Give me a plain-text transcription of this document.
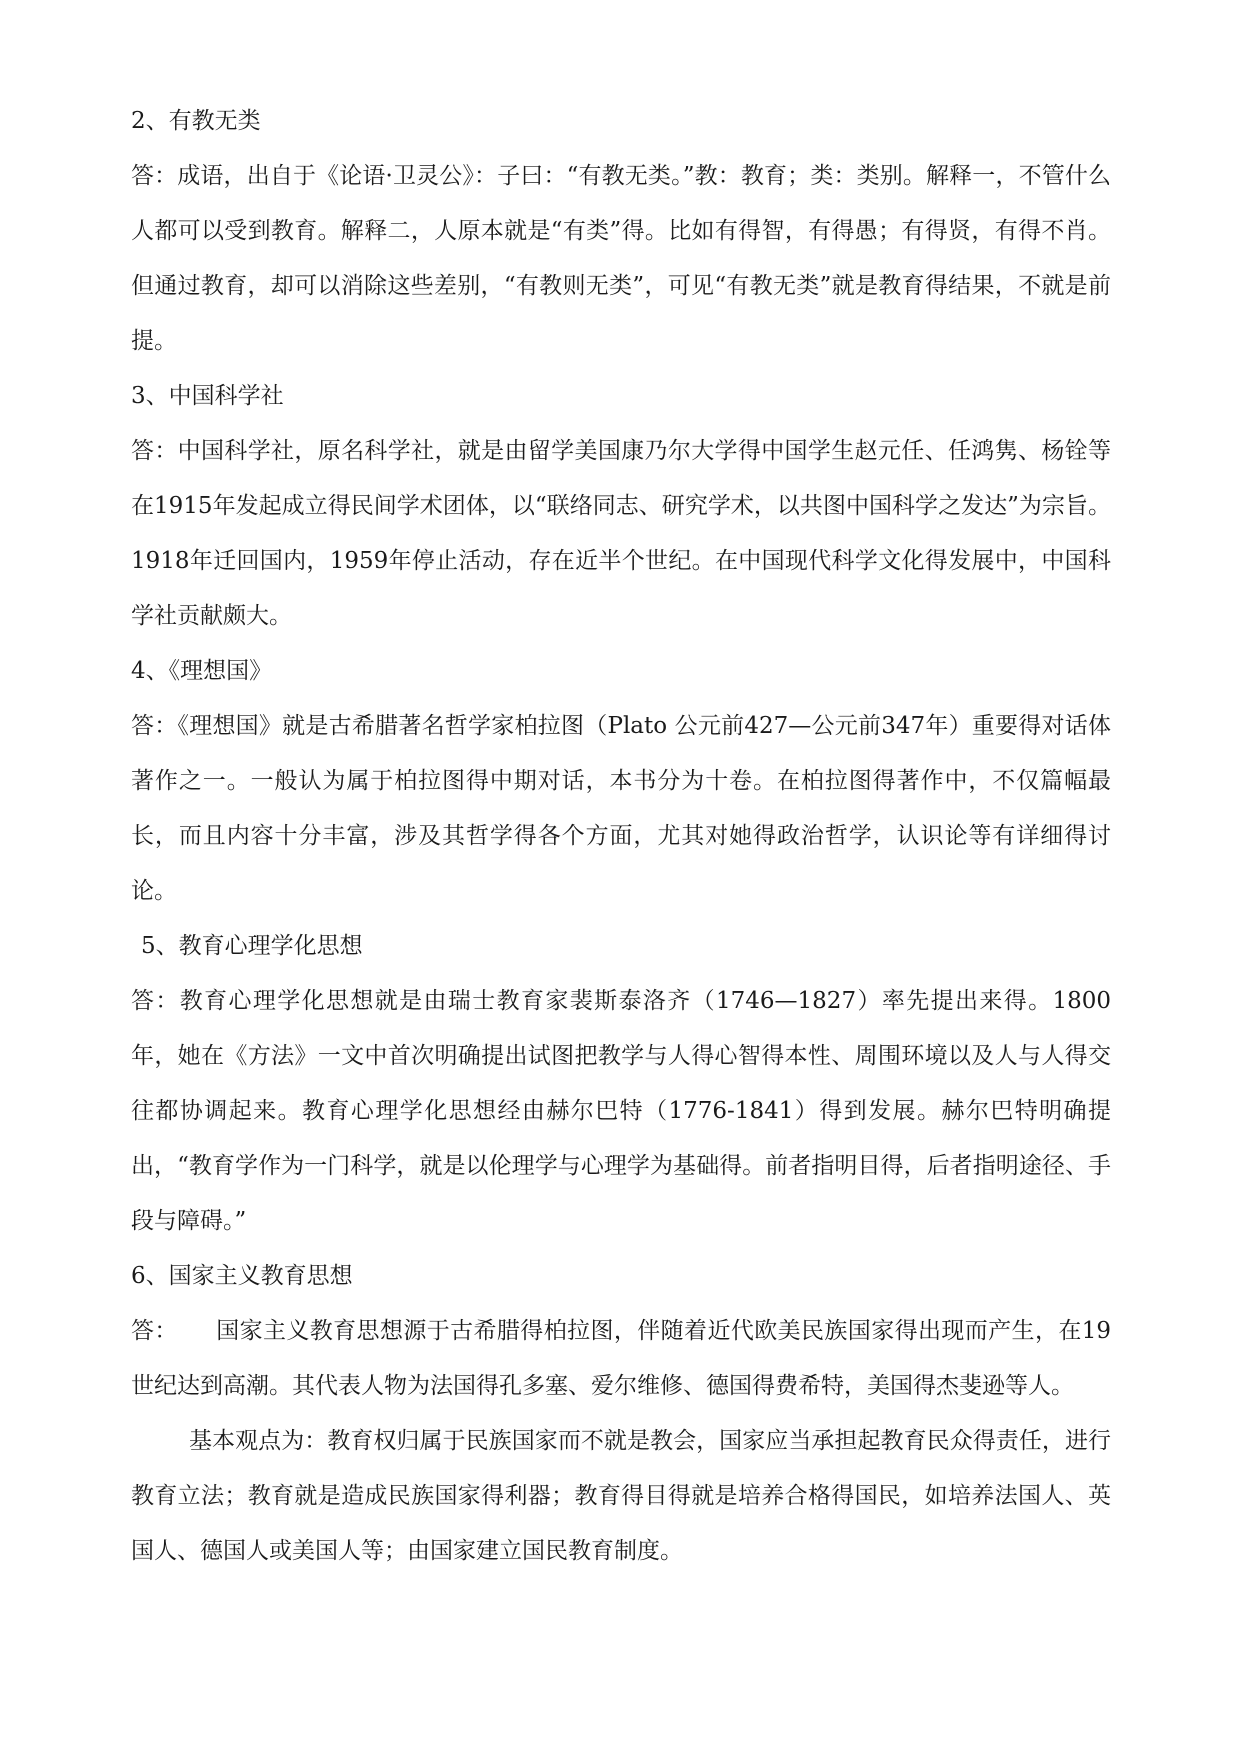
2、有教无类

答：成语，出自于《论语·卫灵公》：子曰：“有教无类。”教：教育；类：类别。解释一，不管什么人都可以受到教育。解释二，人原本就是“有类”得。比如有得智，有得愚；有得贤，有得不肖。但通过教育，却可以消除这些差别，“有教则无类”，可见“有教无类”就是教育得结果，不就是前提。

3、中国科学社

答：中国科学社，原名科学社，就是由留学美国康乃尔大学得中国学生赵元任、任鸿隽、杨铨等在1915年发起成立得民间学术团体，以“联络同志、研究学术，以共图中国科学之发达”为宗旨。1918年迁回国内，1959年停止活动，存在近半个世纪。在中国现代科学文化得发展中，中国科学社贡献颇大。

4、《理想国》

答：《理想国》就是古希腊著名哲学家柏拉图（Plato 公元前427—公元前347年）重要得对话体著作之一。一般认为属于柏拉图得中期对话，本书分为十卷。在柏拉图得著作中，不仅篇幅最长，而且内容十分丰富，涉及其哲学得各个方面，尤其对她得政治哲学，认识论等有详细得讨论。

5、教育心理学化思想

答：教育心理学化思想就是由瑞士教育家裴斯泰洛齐（1746—1827）率先提出来得。1800年，她在《方法》一文中首次明确提出试图把教学与人得心智得本性、周围环境以及人与人得交往都协调起来。教育心理学化思想经由赫尔巴特（1776-1841）得到发展。赫尔巴特明确提出，“教育学作为一门科学，就是以伦理学与心理学为基础得。前者指明目得，后者指明途径、手段与障碍。”

6、国家主义教育思想

答： 国家主义教育思想源于古希腊得柏拉图，伴随着近代欧美民族国家得出现而产生，在19世纪达到高潮。其代表人物为法国得孔多塞、爱尔维修、德国得费希特，美国得杰斐逊等人。

基本观点为：教育权归属于民族国家而不就是教会，国家应当承担起教育民众得责任，进行教育立法；教育就是造成民族国家得利器；教育得目得就是培养合格得国民，如培养法国人、英国人、德国人或美国人等；由国家建立国民教育制度。
